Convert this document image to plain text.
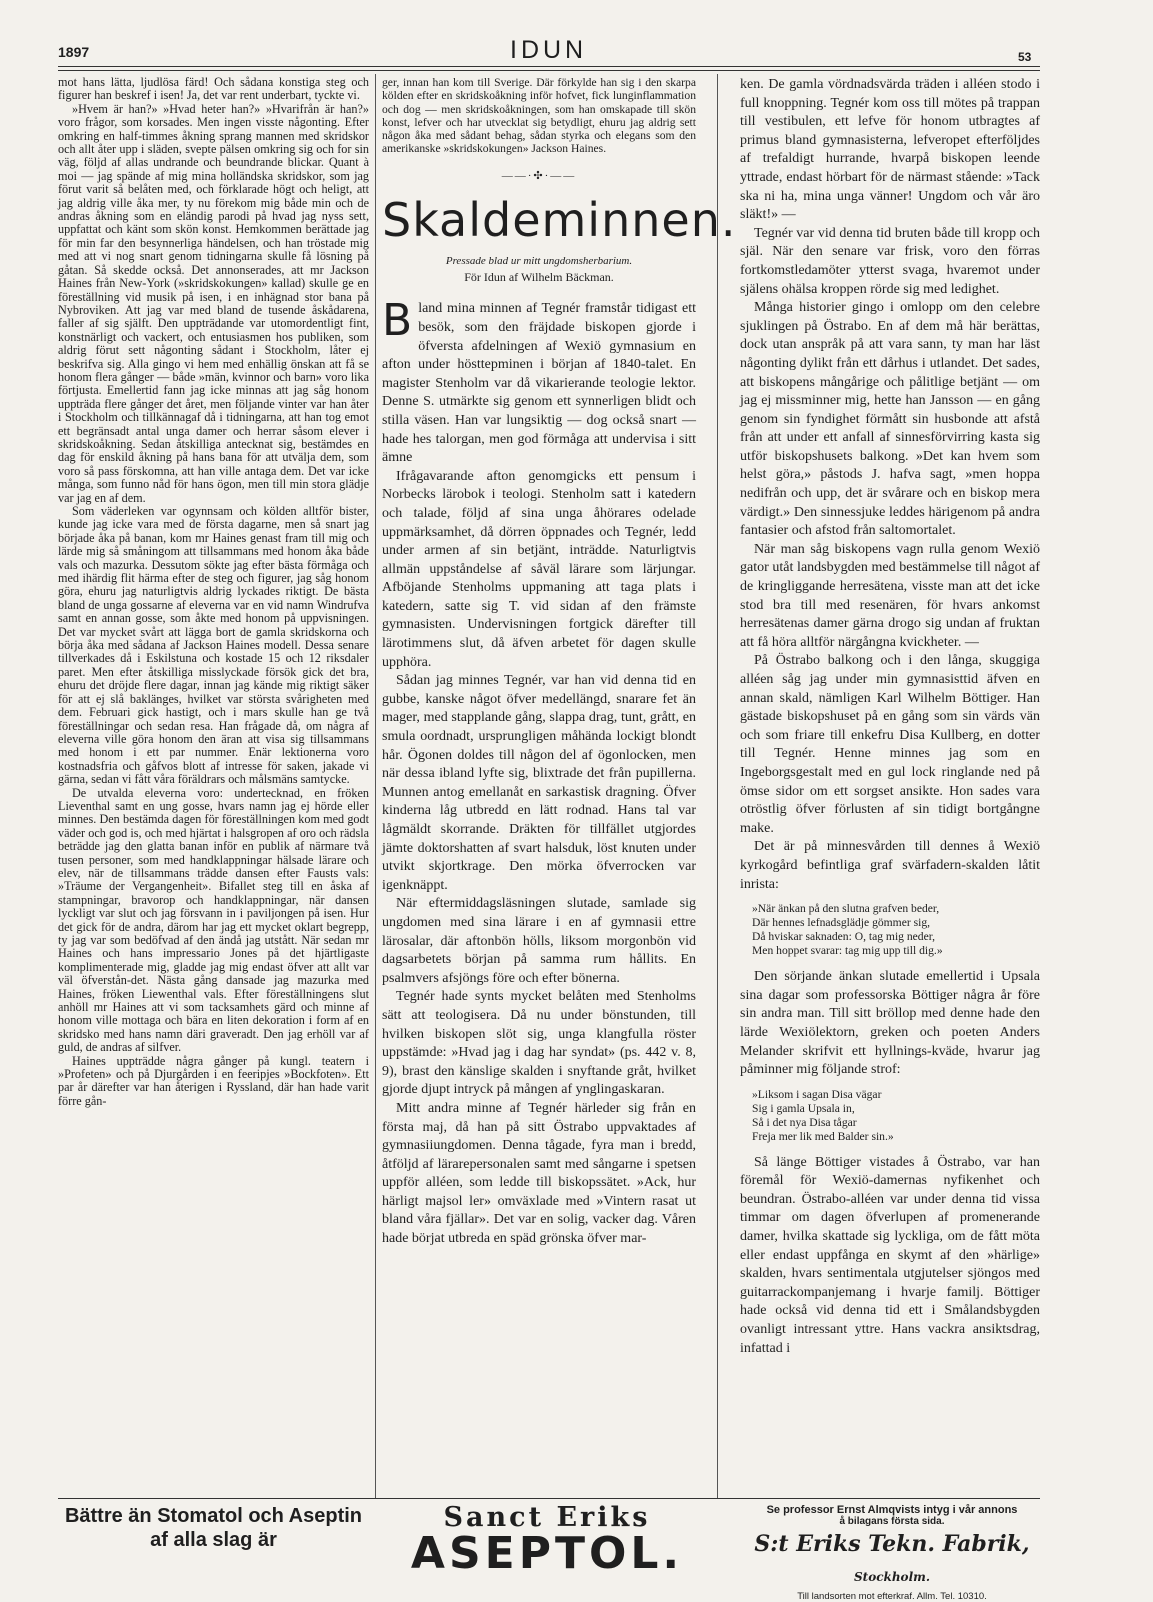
1897	IDUN	53

mot hans lätta, ljudlösa färd! Och sådana konstiga steg och figurer han beskref i isen! Ja, det var rent underbart, tyckte vi.

»Hvem är han?» »Hvad heter han?» »Hvarifrån är han?» voro frågor, som korsades. Men ingen visste någonting. Efter omkring en half-timmes åkning sprang mannen med skridskor och allt åter upp i släden, svepte pälsen omkring sig och for sin väg, följd af allas undrande och beundrande blickar. Quant à moi — jag spände af mig mina holländska skridskor, som jag förut varit så belåten med, och förklarade högt och heligt, att jag aldrig ville åka mer, ty nu förekom mig både min och de andras åkning som en eländig parodi på hvad jag nyss sett, uppfattat och känt som skön konst. Hemkommen berättade jag för min far den besynnerliga händelsen, och han tröstade mig med att vi nog snart genom tidningarna skulle få lösning på gåtan. Så skedde också. Det annonserades, att mr Jackson Haines från New-York (»skridskokungen» kallad) skulle ge en föreställning vid musik på isen, i en inhägnad stor bana på Nybroviken. Att jag var med bland de tusende åskådarena, faller af sig själft. Den uppträdande var utomordentligt fint, konstnärligt och vackert, och entusiasmen hos publiken, som aldrig förut sett någonting sådant i Stockholm, låter ej beskrifva sig. Alla gingo vi hem med enhällig önskan att få se honom flera gånger — både »män, kvinnor och barn» voro lika förtjusta. Emellertid fann jag icke minnas att jag såg honom uppträda flere gånger det året, men följande vinter var han åter i Stockholm och tillkännagaf då i tidningarna, att han tog emot ett begränsadt antal unga damer och herrar såsom elever i skridskoåkning. Sedan åtskilliga antecknat sig, bestämdes en dag för enskild åkning på hans bana för att utvälja dem, som voro så pass förskomna, att han ville antaga dem. Det var icke många, som funno nåd för hans ögon, men till min stora glädje var jag en af dem.

Som väderleken var ogynnsam och kölden alltför bister, kunde jag icke vara med de första dagarne, men så snart jag började åka på banan, kom mr Haines genast fram till mig och lärde mig så småningom att tillsammans med honom åka både vals och mazurka. Dessutom sökte jag efter bästa förmåga och med ihärdig flit härma efter de steg och figurer, jag såg honom göra, ehuru jag naturligtvis aldrig lyckades riktigt. De bästa bland de unga gossarne af eleverna var en vid namn Windrufva samt en annan gosse, som åkte med honom på uppvisningen. Det var mycket svårt att lägga bort de gamla skridskorna och börja åka med sådana af Jackson Haines modell. Dessa senare tillverkades då i Eskilstuna och kostade 15 och 12 riksdaler paret. Men efter åtskilliga misslyckade försök gick det bra, ehuru det dröjde flere dagar, innan jag kände mig riktigt säker för att ej slå baklänges, hvilket var största svårigheten med dem. Februari gick hastigt, och i mars skulle han ge två föreställningar och sedan resa. Han frågade då, om några af eleverna ville göra honom den äran att visa sig tillsammans med honom i ett par nummer. Enär lektionerna voro kostnadsfria och gåfvos blott af intresse för saken, jakade vi gärna, sedan vi fått våra föräldrars och målsmäns samtycke.

De utvalda eleverna voro: undertecknad, en fröken Lieventhal samt en ung gosse, hvars namn jag ej hörde eller minnes. Den bestämda dagen för föreställningen kom med godt väder och god is, och med hjärtat i halsgropen af oro och rädsla beträdde jag den glatta banan inför en publik af närmare två tusen personer, som med handklappningar hälsade lärare och elev, när de tillsammans trädde dansen efter Fausts vals: »Träume der Vergangenheit». Bifallet steg till en åska af stampningar, bravorop och handklappningar, när dansen lyckligt var slut och jag försvann in i paviljongen på isen. Hur det gick för de andra, därom har jag ett mycket oklart begrepp, ty jag var som bedöfvad af den ändå jag utstått. När sedan mr Haines och hans impressario Jones på det hjärtligaste komplimenterade mig, gladde jag mig endast öfver att allt var väl öfverstån-det. Nästa gång dansade jag mazurka med Haines, fröken Liewenthal vals. Efter föreställningens slut anhöll mr Haines att vi som tacksamhets gärd och minne af honom ville mottaga och bära en liten dekoration i form af en skridsko med hans namn däri graveradt. Den jag erhöll var af guld, de andras af silfver.

Haines uppträdde några gånger på kungl. teatern i »Profeten» och på Djurgården i en feeripjes »Bockfoten». Ett par år därefter var han återigen i Ryssland, där han hade varit förre gån-

ger, innan han kom till Sverige. Där förkylde han sig i den skarpa kölden efter en skridskoåkning inför hofvet, fick lunginflammation och dog — men skridskoåkningen, som han omskapade till skön konst, lefver och har utvecklat sig betydligt, ehuru jag aldrig sett någon åka med sådant behag, sådan styrka och elegans som den amerikanske »skridskokungen» Jackson Haines.

——·✣·——
Skaldeminnen.
Pressade blad ur mitt ungdomsherbarium.
För Idun af Wilhelm Bäckman.

Bland mina minnen af Tegnér framstår tidigast ett besök, som den fräjdade biskopen gjorde i öfversta afdelningen af Wexiö gymnasium en afton under hösttерminen i början af 1840-talet. En magister Stenholm var då vikarierande teologie lektor. Denne S. utmärkte sig genom ett synnerligen blidt och stilla väsen. Han var lungsiktig — dog också snart — hade hes talorgan, men god förmåga att undervisa i sitt ämne

Ifrågavarande afton genomgicks ett pensum i Norbecks lärobok i teologi. Stenholm satt i katedern och talade, följd af sina unga åhörares odelade uppmärksamhet, då dörren öppnades och Tegnér, ledd under armen af sin betjänt, inträdde. Naturligtvis allmän uppståndelse af såväl lärare som lärjungar. Afböjande Stenholms uppmaning att taga plats i katedern, satte sig T. vid sidan af den främste gymnasisten. Undervisningen fortgick därefter till lärotimmens slut, då äfven arbetet för dagen skulle upphöra.

Sådan jag minnes Tegnér, var han vid denna tid en gubbe, kanske något öfver medellängd, snarare fet än mager, med stapplande gång, slappa drag, tunt, grått, en smula oordnadt, ursprungligen måhända lockigt blondt hår. Ögonen doldes till någon del af ögonlocken, men när dessa ibland lyfte sig, blixtrade det från pupillerna. Munnen antog emellanåt en sarkastisk dragning. Öfver kinderna låg utbredd en lätt rodnad. Hans tal var lågmäldt skorrande. Dräkten för tillfället utgjordes jämte doktorshatten af svart halsduk, löst knuten under utvikt skjortkrage. Den mörka öfverrocken var igenknäppt.

När eftermiddagsläsningen slutade, samlade sig ungdomen med sina lärare i en af gymnasii ettre lärosalar, där aftonbön hölls, liksom morgonbön vid dagsarbetets början på samma rum hållits. En psalmvers afsjöngs före och efter bönerna.

Tegnér hade synts mycket belåten med Stenholms sätt att teologisera. Då nu under bönstunden, till hvilken biskopen slöt sig, unga klangfulla röster uppstämde: »Hvad jag i dag har syndat» (ps. 442 v. 8, 9), brast den känslige skalden i snyftande gråt, hvilket gjorde djupt intryck på mången af ynglingaskaran.

Mitt andra minne af Tegnér härleder sig från en första maj, då han på sitt Östrabo uppvaktades af gymnasiiungdomen. Denna tågade, fyra man i bredd, åtföljd af lärarepersonalen samt med sångarne i spetsen uppför alléen, som ledde till biskopssätet. »Ack, hur härligt majsol ler» omväxlade med »Vintern rasat ut bland våra fjällar». Det var en solig, vacker dag. Våren hade börjat utbreda en späd grönska öfver mar-

ken. De gamla vördnadsvärda träden i alléen stodo i full knoppning. Tegnér kom oss till mötes på trappan till vestibulen, ett lefve för honom utbragtes af primus bland gymnasisterna, lefveropet efterföljdes af trefaldigt hurrande, hvarpå biskopen leende yttrade, endast hörbart för de närmast stående: »Tack ska ni ha, mina unga vänner! Ungdom och vår äro släkt!» —

Tegnér var vid denna tid bruten både till kropp och själ. När den senare var frisk, voro den förras fortkomstledamöter ytterst svaga, hvaremot under själens ohälsa kroppen rörde sig med ledighet.

Många historier gingo i omlopp om den celebre sjuklingen på Östrabo. En af dem må här berättas, dock utan anspråk på att vara sann, ty man har läst någonting dylikt från ett dårhus i utlandet. Det sades, att biskopens mångårige och pålitlige betjänt — om jag ej missminner mig, hette han Jansson — en gång genom sin fyndighet förmått sin husbonde att afstå från att under ett anfall af sinnesförvirring kasta sig utför biskopshusets balkong. »Det kan hvem som helst göra,» påstods J. hafva sagt, »men hoppa nedifrån och upp, det är svårare och en biskop mera värdigt.» Den sinnessjuke leddes härigenom på andra fantasier och afstod från saltomortalet.

När man såg biskopens vagn rulla genom Wexiö gator utåt landsbygden med bestämmelse till något af de kringliggande herresätena, visste man att det icke stod bra till med resenären, för hvars ankomst herresätenas damer gärna drogo sig undan af fruktan att få höra alltför närgångna kvickheter. —

På Östrabo balkong och i den långa, skuggiga alléen såg jag under min gymnasisttid äfven en annan skald, nämligen Karl Wilhelm Böttiger. Han gästade biskopshuset på en gång som sin värds vän och som friare till enkefru Disa Kullberg, en dotter till Tegnér. Henne minnes jag som en Ingeborgsgestalt med en gul lock ringlande ned på ömse sidor om ett sorgset ansikte. Hon sades vara otröstlig öfver förlusten af sin tidigt bortgångne make.

Det är på minnesvården till dennes å Wexiö kyrkogård befintliga graf svärfadern-skalden låtit inrista:

»När änkan på den slutna grafven beder,
Där hennes lefnadsglädje gömmer sig,
Då hviskar saknaden: O, tag mig neder,
Men hoppet svarar: tag mig upp till dig.»

Den sörjande änkan slutade emellertid i Upsala sina dagar som professorska Böttiger några år före sin andra man. Till sitt bröllop med denne hade den lärde Wexiölektorn, greken och poeten Anders Melander skrifvit ett hyllnings-kväde, hvarur jag påminner mig följande strof:

»Liksom i sagan Disa vägar
Sig i gamla Upsala in,
Så i det nya Disa tågar
Freja mer lik med Balder sin.»

Så länge Böttiger vistades å Östrabo, var han föremål för Wexiö-damernas nyfikenhet och beundran. Östrabo-alléen var under denna tid vissa timmar om dagen öfverlupen af promenerande damer, hvilka skattade sig lyckliga, om de fått möta eller endast uppfånga en skymt af den »härlige» skalden, hvars sentimentala utgjutelser sjöngos med guitarrackompanjemang i hvarje familj. Böttiger hade också vid denna tid ett i Smålandsbygden ovanligt intressant yttre. Hans vackra ansiktsdrag, infattad i

Bättre än Stomatol och Aseptin
af alla slag är
Sanct Eriks
ASEPTOL.
Se professor Ernst Almqvists intyg i vår annons
å bilagans första sida.
S:t Eriks Tekn. Fabrik, Stockholm.
Till landsorten mot efterkraf. Allm. Tel. 10310.
